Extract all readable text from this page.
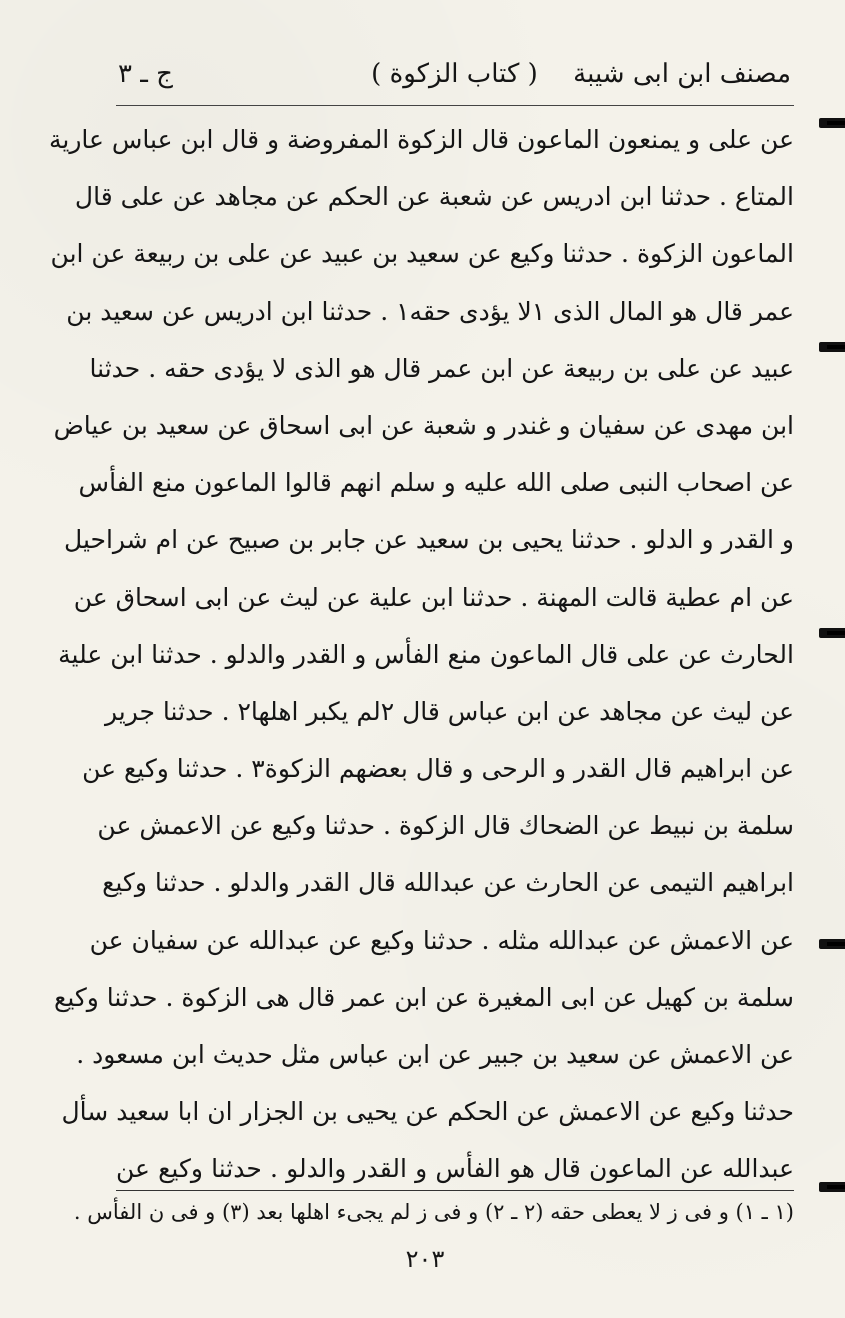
مصنف ابن ابی شیبة
( كتاب الزكوة )
ج ـ ٣
عن علی و يمنعون الماعون قال الزكوة المفروضة و قال ابن عباس عارية
المتاع . حدثنا ابن ادريس عن شعبة عن الحكم عن مجاهد عن علی قال
الماعون الزكوة . حدثنا وكيع عن سعيد بن عبيد عن علی بن ربيعة عن ابن
عمر قال هو المال الذی ١لا يؤدی حقه١ . حدثنا ابن ادريس عن سعيد بن
عبيد عن علی بن ربيعة عن ابن عمر قال هو الذی لا يؤدی حقه . حدثنا
ابن مهدی عن سفيان و غندر و شعبة عن ابی اسحاق عن سعيد بن عياض
عن اصحاب النبی صلی الله عليه و سلم انهم قالوا الماعون منع الفأس
و القدر و الدلو . حدثنا يحيی بن سعيد عن جابر بن صبيح عن ام شراحيل
عن ام عطية قالت المهنة . حدثنا ابن علية عن ليث عن ابی اسحاق عن
الحارث عن علی قال الماعون منع الفأس و القدر والدلو . حدثنا ابن علية
عن ليث عن مجاهد عن ابن عباس قال ٢لم يكبر اهلها٢ . حدثنا جرير
عن ابراهيم قال القدر و الرحی و قال بعضهم الزكوة٣ . حدثنا وكيع عن
سلمة بن نبيط عن الضحاك قال الزكوة . حدثنا وكيع عن الاعمش عن
ابراهيم التيمی عن الحارث عن عبدالله قال القدر والدلو . حدثنا وكيع
عن الاعمش عن عبدالله مثله . حدثنا وكيع عن عبدالله عن سفيان عن
سلمة بن كهيل عن ابی المغيرة عن ابن عمر قال هی الزكوة . حدثنا وكيع
عن الاعمش عن سعيد بن جبير عن ابن عباس مثل حديث ابن مسعود .
حدثنا وكيع عن الاعمش عن الحكم عن يحيی بن الجزار ان ابا سعيد سأل
عبدالله عن الماعون قال هو الفأس و القدر والدلو . حدثنا وكيع عن
(١ ـ ١) و فی ز لا يعطی حقه (٢ ـ ٢) و فی ز لم يجیء اهلها بعد (٣) و فی ن الفأس .
٢٠٣
